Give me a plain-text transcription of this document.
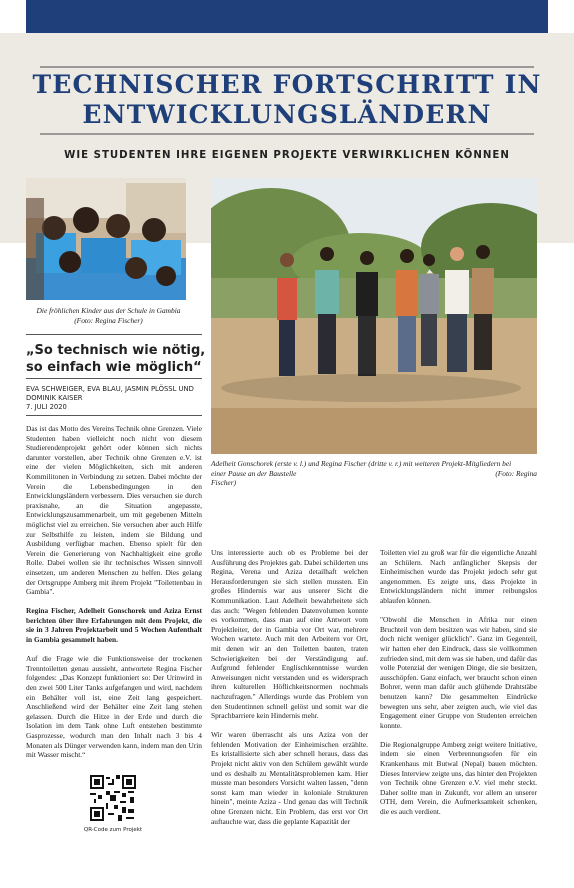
TECHNISCHER FORTSCHRITT IN
ENTWICKLUNGSLÄNDERN
WIE STUDENTEN IHRE EIGENEN PROJEKTE VERWIRKLICHEN KÖNNEN
Die fröhlichen Kinder aus der Schule in Gambia
(Foto: Regina Fischer)
Adelheit Gonschorek (erste v. l.) und Regina Fischer (dritte v. r.) mit weiteren Projekt-Mitgliedern bei
einer Pause an der Baustelle	(Foto: Regina
Fischer)
„So technisch wie nötig, so einfach wie möglich“
EVA SCHWEIGER, EVA BLAU, JASMIN PLÖSSL UND DOMINIK KAISER
7. JULI 2020

Das ist das Motto des Vereins Technik ohne Grenzen. Viele Studenten haben vielleicht noch nicht von diesem Studierendenprojekt gehört oder können sich nichts darunter vorstellen, aber Technik ohne Grenzen e.V. ist eine der vielen Möglichkeiten, sich mit anderen Kommilitonen in Verbindung zu setzen. Dabei möchte der Verein die Lebensbedingungen in den Entwicklungsländern verbessern. Dies versuchen sie durch praxisnahe, an die Situation angepasste, Entwicklungszusammenarbeit, um mit gegebenen Mitteln möglichst viel zu erreichen. Sie versuchen aber auch Hilfe zur Selbsthilfe zu leisten, indem sie Bildung und Ausbildung verfügbar machen. Ebenso spielt für den Verein die Generierung von Nachhaltigkeit eine große Rolle. Dabei wollen sie ihr technisches Wissen sinnvoll einsetzen, um anderen Menschen zu helfen. Dies gelang der Ortsgruppe Amberg mit ihrem Projekt "Toilettenbau in Gambia".

Regina Fischer, Adelheit Gonschorek und Aziza Ernst berichten über ihre Erfahrungen mit dem Projekt, die sie in 3 Jahren Projektarbeit und 5 Wochen Aufenthalt in Gambia gesammelt haben.

Auf die Frage wie die Funktionsweise der trockenen Trenntoiletten genau aussieht, antwortete Regina Fischer folgendes: „Das Konzept funktioniert so: Der Urinwird in den zwei 500 Liter Tanks aufgefangen und wird, nachdem ein Behälter voll ist, eine Zeit lang gespeichert. Anschließend wird der Behälter eine Zeit lang stehen gelassen. Durch die Hitze in der Erde und durch die Isolation im dem Tank ohne Luft entstehen bestimmte Gasprozesse, wodurch man den Inhalt nach 3 bis 4 Monaten als Dünger verwenden kann, indem man den Urin mit Wasser mischt.“

QR-Code zum Projekt

Uns interessierte auch ob es Probleme bei der Ausführung des Projektes gab. Dabei schilderten uns Regina, Verena und Aziza detailhaft welchen Herausforderungen sie sich stellen mussten. Ein großes Hindernis war aus unserer Sicht die Kommunikation. Laut Adelheit bewahrheitete sich das auch: "Wegen fehlenden Datenvolumen konnte es vorkommen, dass man auf eine Antwort vom Projektleiter, der in Gambia vor Ort war, mehrere Wochen wartete. Auch mit den Arbeitern vor Ort, mit denen wir an den Toiletten bauten, traten Schwierigkeiten bei der Verständigung auf. Aufgrund fehlender Englischkenntnisse wurden Anweisungen nicht verstanden und es widersprach ihren kulturellen Höflichkeitsnormen nochmals nachzufragen." Allerdings wurde das Problem von den Studentinnen schnell gelöst und somit war die Sprachbarriere kein Hindernis mehr.

Wir waren überrascht als uns Aziza von der fehlenden Motivation der Einheimischen erzählte. Es kristallisierte sich aber schnell heraus, dass das Projekt nicht aktiv von den Schülern gewählt wurde und es deshalb zu Mentalitätsproblemen kam. Hier musste man besonders Vorsicht walten lassen, "denn sonst kam man wieder in koloniale Strukturen hinein", meinte Aziza - Und genau das will Technik ohne Grenzen nicht. Ein Problem, das erst vor Ort auftauchte war, dass die geplante Kapazität der

Toiletten viel zu groß war für die eigentliche Anzahl an Schülern. Nach anfänglicher Skepsis der Einheimischen wurde das Projekt jedoch sehr gut angenommen. Es zeigte uns, dass Projekte in Entwicklungsländern nicht immer reibungslos ablaufen können.

"Obwohl die Menschen in Afrika nur einen Bruchteil von dem besitzen was wir haben, sind sie doch nicht weniger glücklich". Ganz im Gegenteil, wir hatten eher den Eindruck, dass sie vollkommen zufrieden sind, mit dem was sie haben, und dafür das volle Potenzial der wenigen Dinge, die sie besitzen, ausschöpfen. Ganz einfach, wer braucht schon einen Bohrer, wenn man dafür auch glühende Drahtstäbe benutzen kann? Die gesammelten Eindrücke bewegten uns sehr, aber zeigten auch, wie viel das Engagement einer Gruppe von Studenten erreichen konnte.

Die Regionalgruppe Amberg zeigt weitere Initiative, indem sie einen Verbrennungsofen für ein Krankenhaus mit Butwal (Nepal) bauen möchten. Dieses Interview zeigte uns, das hinter den Projekten von Technik ohne Grenzen e.V. viel mehr steckt. Daher sollte man in Zukunft, vor allem an unserer OTH, dem Verein, die Aufmerksamkeit schenken, die es auch verdient.
